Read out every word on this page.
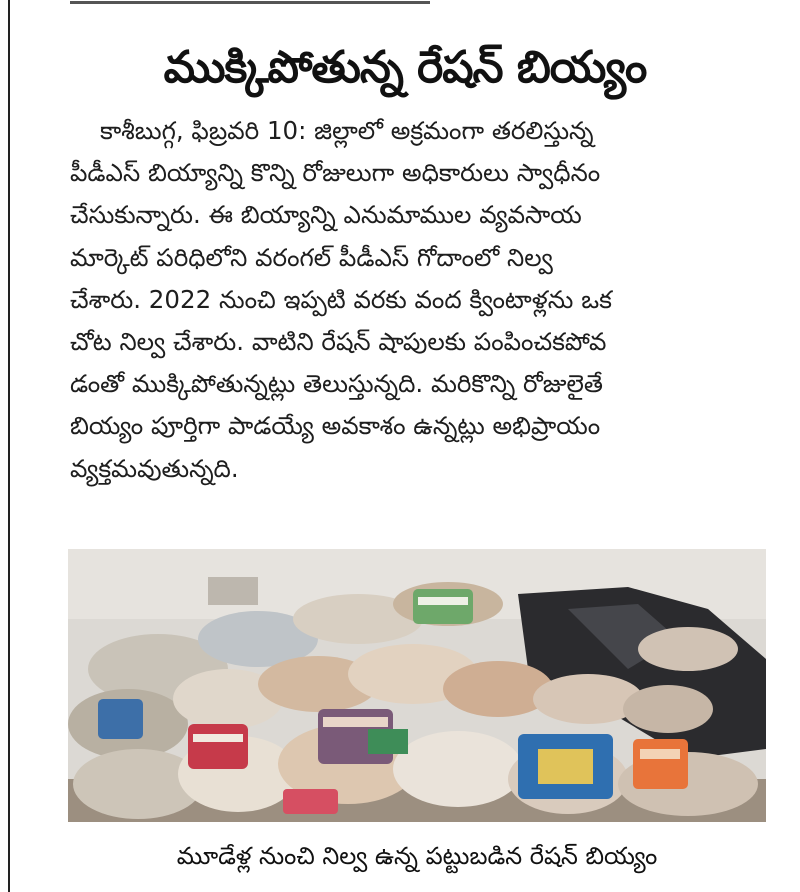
ముక్కిపోతున్న రేషన్ బియ్యం
కాశీబుగ్గ, ఫిబ్రవరి 10: జిల్లాలో అక్రమంగా తరలిస్తున్న
పీడీఎస్ బియ్యాన్ని కొన్ని రోజులుగా అధికారులు స్వాధీనం
చేసుకున్నారు. ఈ బియ్యాన్ని ఎనుమాముల వ్యవసాయ
మార్కెట్ పరిధిలోని వరంగల్ పీడీఎస్ గోదాంలో నిల్వ
చేశారు. 2022 నుంచి ఇప్పటి వరకు వంద క్వింటాళ్లను ఒక
చోట నిల్వ చేశారు. వాటిని రేషన్ షాపులకు పంపించకపోవ
డంతో ముక్కిపోతున్నట్లు తెలుస్తున్నది. మరికొన్ని రోజులైతే
బియ్యం పూర్తిగా పాడయ్యే అవకాశం ఉన్నట్లు అభిప్రాయం
వ్యక్తమవుతున్నది.
మూడేళ్ల నుంచి నిల్వ ఉన్న పట్టుబడిన రేషన్ బియ్యం
